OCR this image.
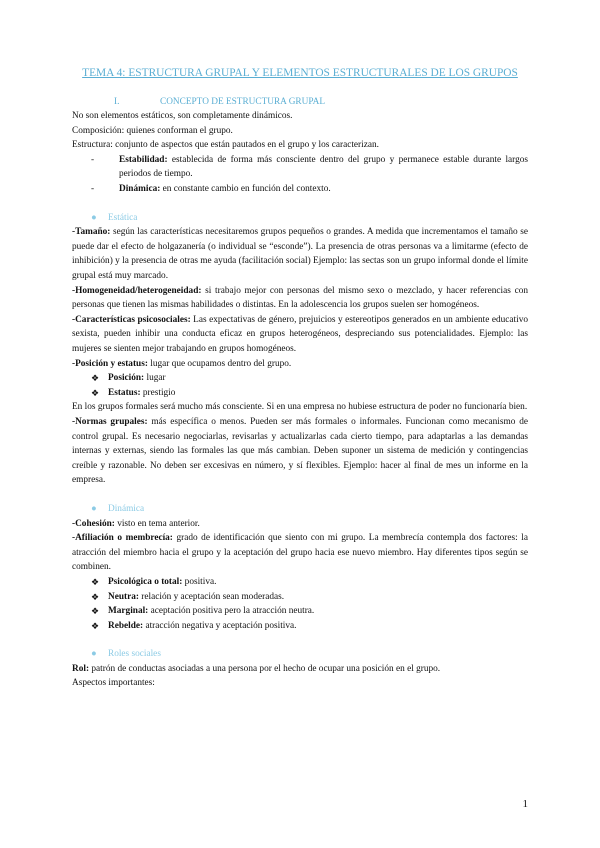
TEMA 4: ESTRUCTURA GRUPAL Y ELEMENTOS ESTRUCTURALES DE LOS GRUPOS
I.	CONCEPTO DE ESTRUCTURA GRUPAL

No son elementos estáticos, son completamente dinámicos.

Composición: quienes conforman el grupo.

Estructura: conjunto de aspectos que están pautados en el grupo y los caracterizan.

-	Estabilidad: establecida de forma más consciente dentro del grupo y permanece estable durante largos periodos de tiempo.
-	Dinámica: en constante cambio en función del contexto.
● Estática

-Tamaño: según las características necesitaremos grupos pequeños o grandes. A medida que incrementamos el tamaño se puede dar el efecto de holgazanería (o individual se “esconde”). La presencia de otras personas va a limitarme (efecto de inhibición) y la presencia de otras me ayuda (facilitación social) Ejemplo: las sectas son un grupo informal donde el límite grupal está muy marcado.

-Homogeneidad/heterogeneidad: si trabajo mejor con personas del mismo sexo o mezclado, y hacer referencias con personas que tienen las mismas habilidades o distintas. En la adolescencia los grupos suelen ser homogéneos.

-Características psicosociales: Las expectativas de género, prejuicios y estereotipos generados en un ambiente educativo sexista, pueden inhibir una conducta eficaz en grupos heterogéneos, despreciando sus potencialidades. Ejemplo: las mujeres se sienten mejor trabajando en grupos homogéneos.

-Posición y estatus: lugar que ocupamos dentro del grupo.

❖ Posición: lugar
❖ Estatus: prestigio

En los grupos formales será mucho más consciente. Si en una empresa no hubiese estructura de poder no funcionaría bien.

-Normas grupales: más específica o menos. Pueden ser más formales o informales. Funcionan como mecanismo de control grupal. Es necesario negociarlas, revisarlas y actualizarlas cada cierto tiempo, para adaptarlas a las demandas internas y externas, siendo las formales las que más cambian. Deben suponer un sistema de medición y contingencias creíble y razonable. No deben ser excesivas en número, y sí flexibles. Ejemplo: hacer al final de mes un informe en la empresa.

● Dinámica

-Cohesión: visto en tema anterior.

-Afiliación o membrecía: grado de identificación que siento con mi grupo. La membrecía contempla dos factores: la atracción del miembro hacia el grupo y la aceptación del grupo hacia ese nuevo miembro. Hay diferentes tipos según se combinen.

❖ Psicológica o total: positiva.
❖ Neutra: relación y aceptación sean moderadas.
❖ Marginal: aceptación positiva pero la atracción neutra.
❖ Rebelde: atracción negativa y aceptación positiva.
● Roles sociales

Rol: patrón de conductas asociadas a una persona por el hecho de ocupar una posición en el grupo.

Aspectos importantes:

1
